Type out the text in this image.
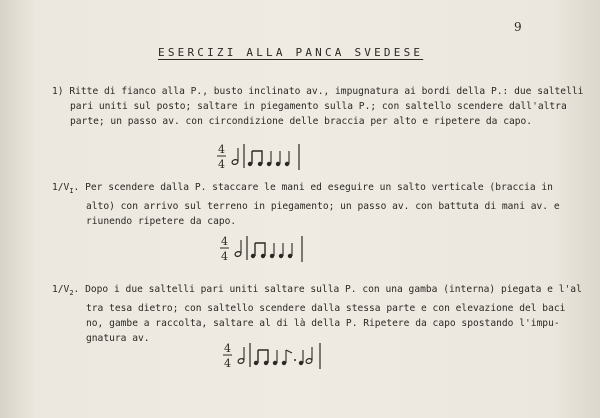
9
ESERCIZI ALLA PANCA SVEDESE
1) Ritte di fianco alla P., busto inclinato av., impugnatura ai bordi della P.: due saltelli
pari uniti sul posto; saltare in piegamento sulla P.; con saltello scendere dall'altra
parte; un passo av. con circondizione delle braccia per alto e ripetere da capo.
4
4
$1/V_I$. Per scendere dalla P. staccare le mani ed eseguire un salto verticale (braccia in
alto) con arrivo sul terreno in piegamento; un passo av. con battuta di mani av. e
riunendo ripetere da capo.
4
4
$1/V_2$. Dopo i due saltelli pari uniti saltare sulla P. con una gamba (interna) piegata e l'al
tra tesa dietro; con saltello scendere dalla stessa parte e con elevazione del baci
no, gambe a raccolta, saltare al di là della P. Ripetere da capo spostando l'impu-
gnatura av.
4
4
